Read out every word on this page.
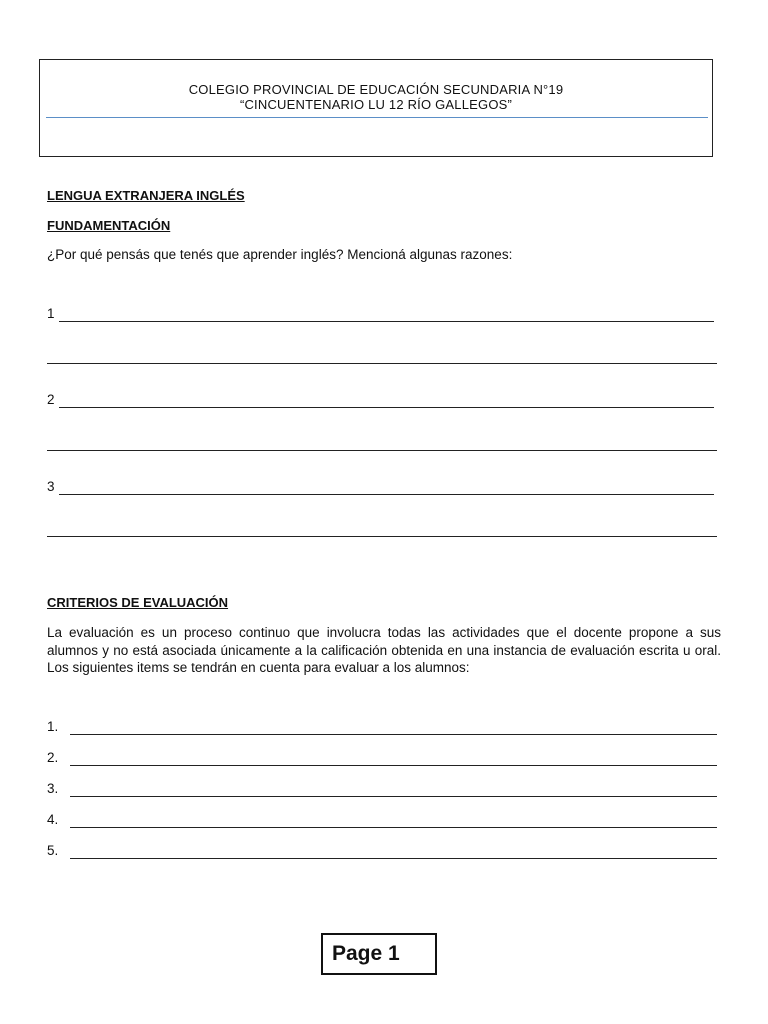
COLEGIO PROVINCIAL DE EDUCACIÓN SECUNDARIA N°19
“CINCUENTENARIO LU 12 RÍO GALLEGOS”
LENGUA EXTRANJERA INGLÉS
FUNDAMENTACIÓN
¿Por qué pensás que tenés que aprender inglés? Mencioná algunas razones:
1
2
3
CRITERIOS DE EVALUACIÓN
La evaluación es un proceso continuo que involucra todas las actividades que el docente propone a sus alumnos y no está asociada únicamente a la calificación obtenida en una instancia de evaluación escrita u oral. Los siguientes items se tendrán en cuenta para evaluar a los alumnos:
1.
2.
3.
4.
5.
Page 1
